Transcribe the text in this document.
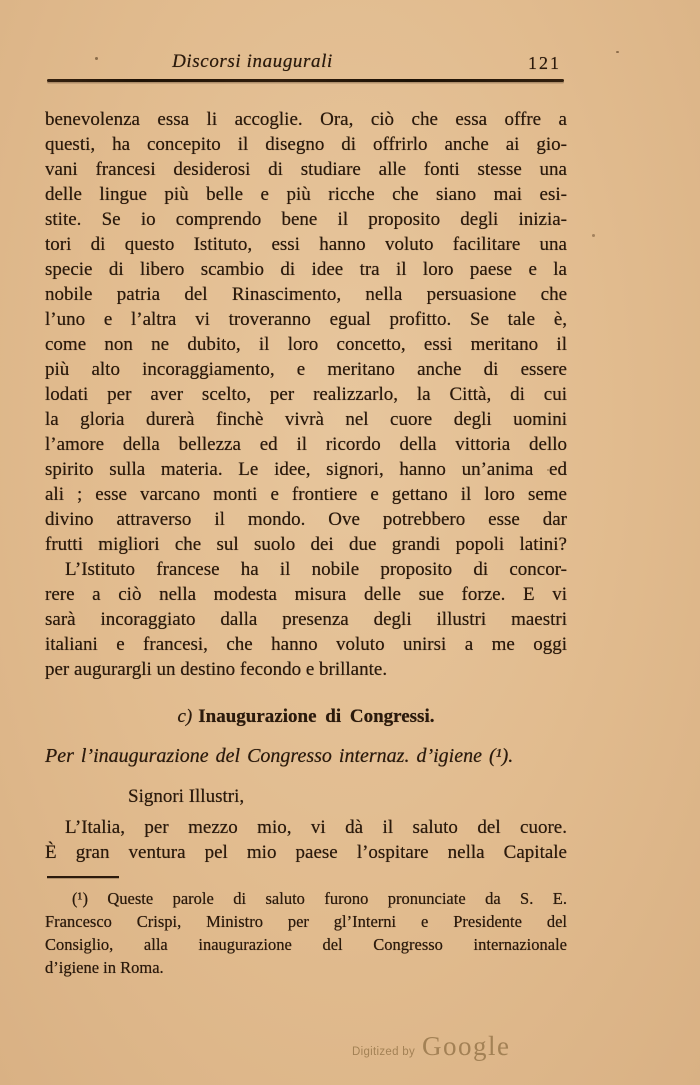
Discorsi inaugurali	121
benevolenza essa li accoglie. Ora, ciò che essa offre a
questi, ha concepito il disegno di offrirlo anche ai gio-
vani francesi desiderosi di studiare alle fonti stesse una
delle lingue più belle e più ricche che siano mai esi-
stite. Se io comprendo bene il proposito degli inizia-
tori di questo Istituto, essi hanno voluto facilitare una
specie di libero scambio di idee tra il loro paese e la
nobile patria del Rinascimento, nella persuasione che
l’uno e l’altra vi troveranno egual profitto. Se tale è,
come non ne dubito, il loro concetto, essi meritano il
più alto incoraggiamento, e meritano anche di essere
lodati per aver scelto, per realizzarlo, la Città, di cui
la gloria durerà finchè vivrà nel cuore degli uomini
l’amore della bellezza ed il ricordo della vittoria dello
spirito sulla materia. Le idee, signori, hanno un’anima ed
ali ; esse varcano monti e frontiere e gettano il loro seme
divino attraverso il mondo. Ove potrebbero esse dar
frutti migliori che sul suolo dei due grandi popoli latini?
L’Istituto francese ha il nobile proposito di concor-
rere a ciò nella modesta misura delle sue forze. E vi
sarà incoraggiato dalla presenza degli illustri maestri
italiani e francesi, che hanno voluto unirsi a me oggi
per augurargli un destino fecondo e brillante.
c) Inaugurazione di Congressi.
Per l’inaugurazione del Congresso internaz. d’igiene (¹).
Signori Illustri,
L’Italia, per mezzo mio, vi dà il saluto del cuore.
È gran ventura pel mio paese l’ospitare nella Capitale
(¹) Queste parole di saluto furono pronunciate da S. E.
Francesco Crispi, Ministro per gl’Interni e Presidente del
Consiglio, alla inaugurazione del Congresso internazionale
d’igiene in Roma.
Digitized by Google
